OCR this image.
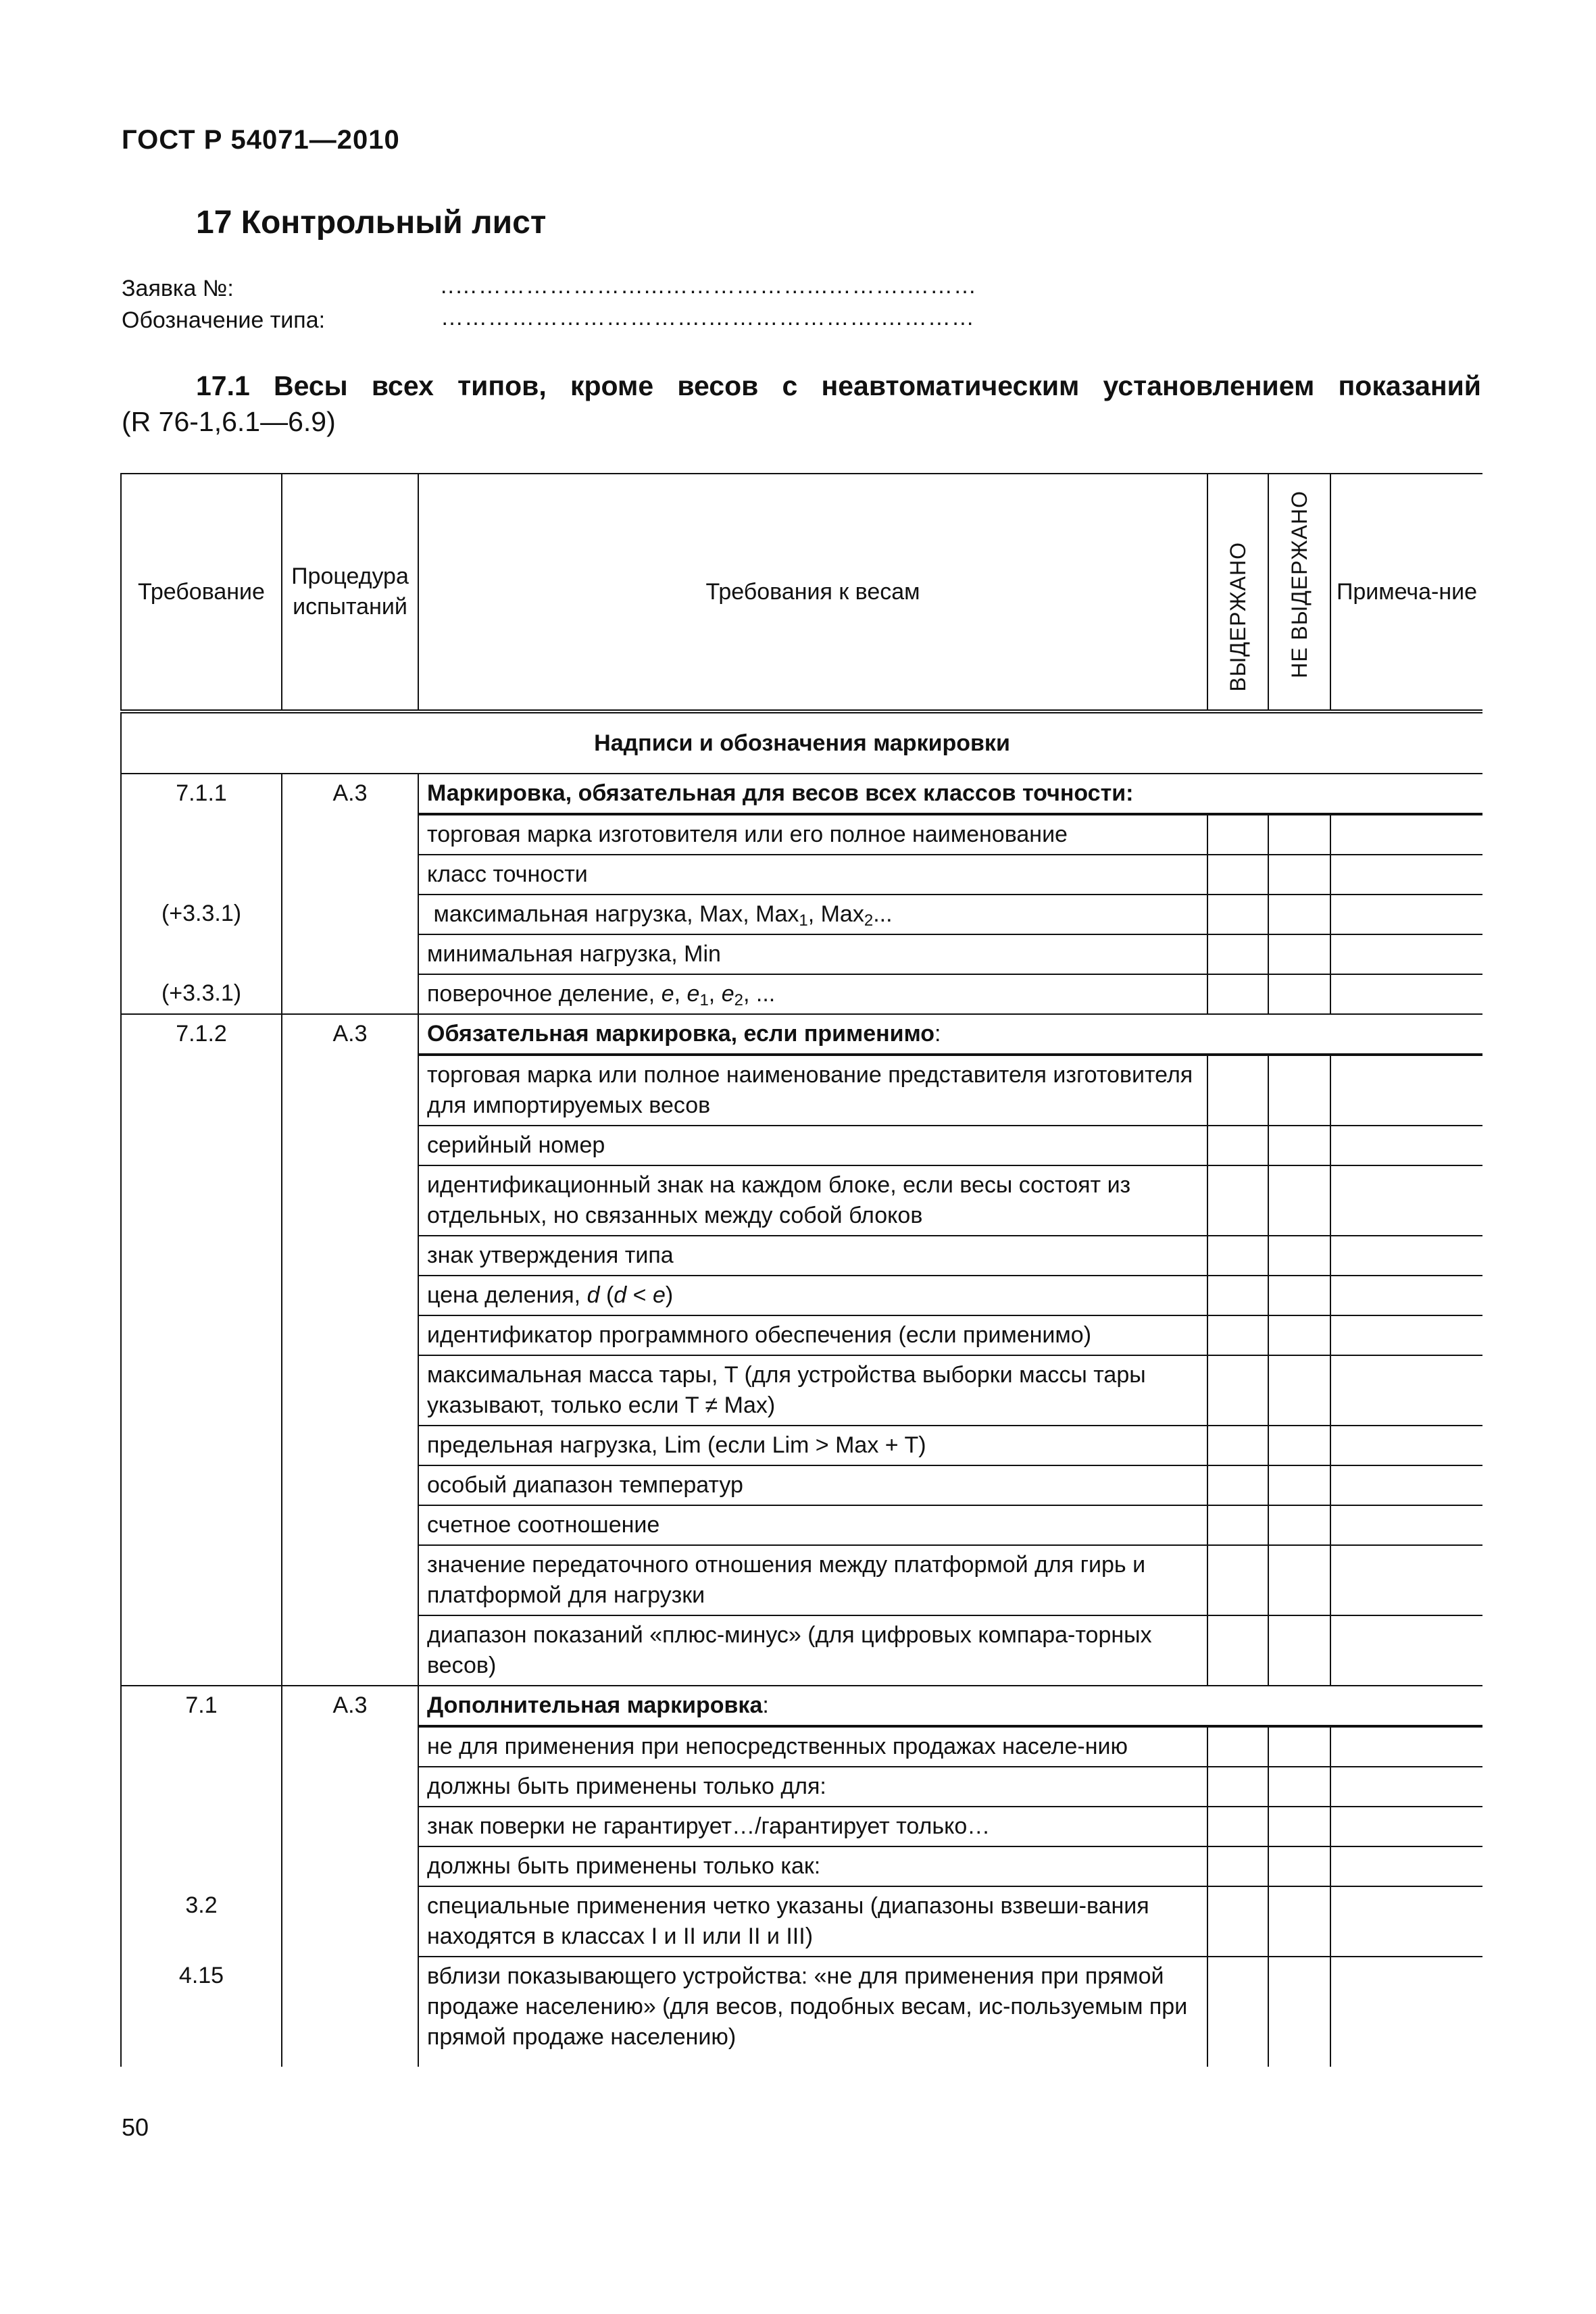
ГОСТ Р 54071—2010
17 Контрольный лист
Заявка №:	..……………………...………………...……….………
Обозначение типа:	…………………………….………………….…………
17.1 Весы всех типов, кроме весов с неавтоматическим установлением показаний
(R 76-1,6.1—6.9)
Требование	Процедура испытаний	Требования к весам	ВЫДЕРЖАНО	НЕ ВЫДЕРЖАНО	Примеча-ние
Надписи и обозначения маркировки					
7.1.1	А.3	Маркировка, обязательная для весов всех классов точности:			
		торговая марка изготовителя или его полное наименование			
		класс точности			
(+3.3.1)		максимальная нагрузка, Max, Max$_1$, Max$_2$...			
		минимальная нагрузка, Min			
(+3.3.1)		поверочное деление, e, $e_1$, $e_2$, ...			
7.1.2	А.3	Обязательная маркировка, если применимо:			
		торговая марка или полное наименование представителя изготовителя для импортируемых весов			
		серийный номер			
		идентификационный знак на каждом блоке, если весы состоят из отдельных, но связанных между собой блоков			
		знак утверждения типа			
		цена деления, d (d < e)			
		идентификатор программного обеспечения (если применимо)			
		максимальная масса тары, T (для устройства выборки массы тары указывают, только если T ≠ Max)			
		предельная нагрузка, Lim (если Lim > Max + T)			
		особый диапазон температур			
		счетное соотношение			
		значение передаточного отношения между платформой для гирь и платформой для нагрузки			
		диапазон показаний «плюс-минус» (для цифровых компара-торных весов)			
7.1	А.3	Дополнительная маркировка:			
		не для применения при непосредственных продажах населе-нию			
		должны быть применены только для:			
		знак поверки не гарантирует…/гарантирует только…			
		должны быть применены только как:			
3.2		специальные применения четко указаны (диапазоны взвеши-вания находятся в классах I и II или II и III)			
4.15		вблизи показывающего устройства: «не для применения при прямой продаже населению» (для весов, подобных весам, ис-пользуемым при прямой продаже населению)			
50
